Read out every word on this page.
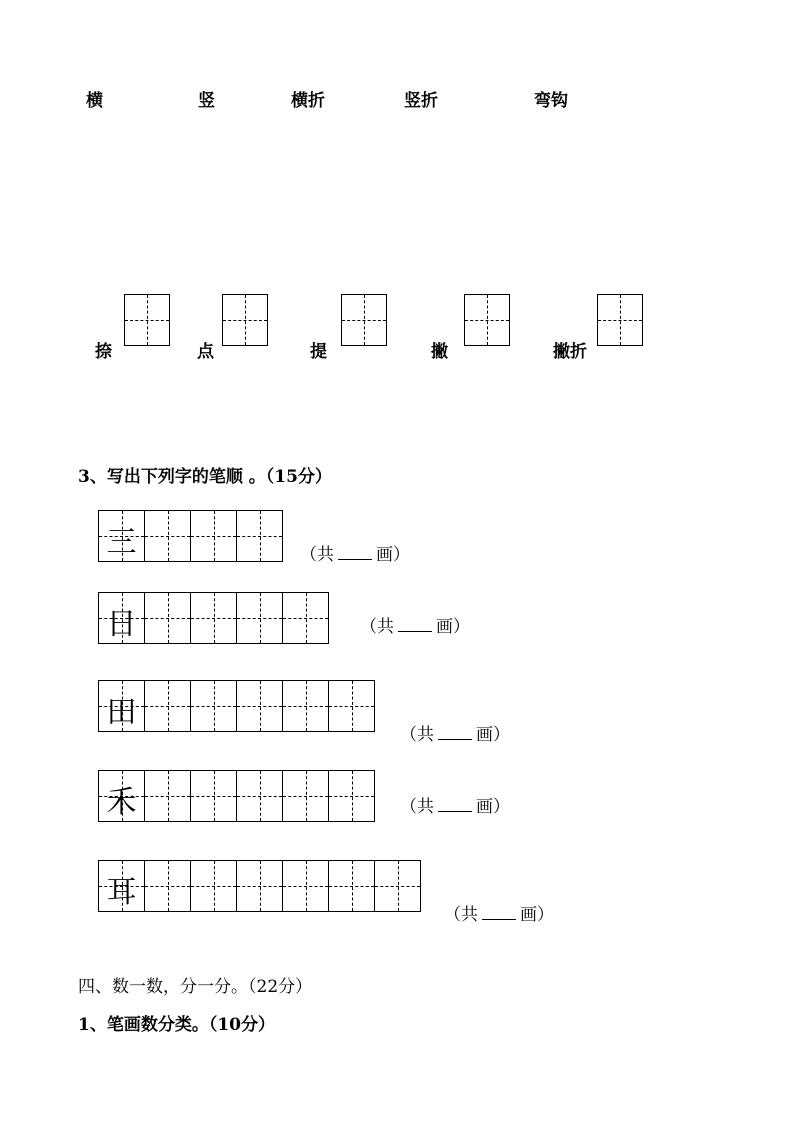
横	竖	横折	竖折	弯钩
捺	点	提	撇	撇折
3、写出下列字的笔顺 。（15分）
三	（共 画）
日	（共 画）
田
（共 画）
禾	（共 画）
耳
（共 画）
四、数一数，分一分。（22分）
1、笔画数分类。（10分）
